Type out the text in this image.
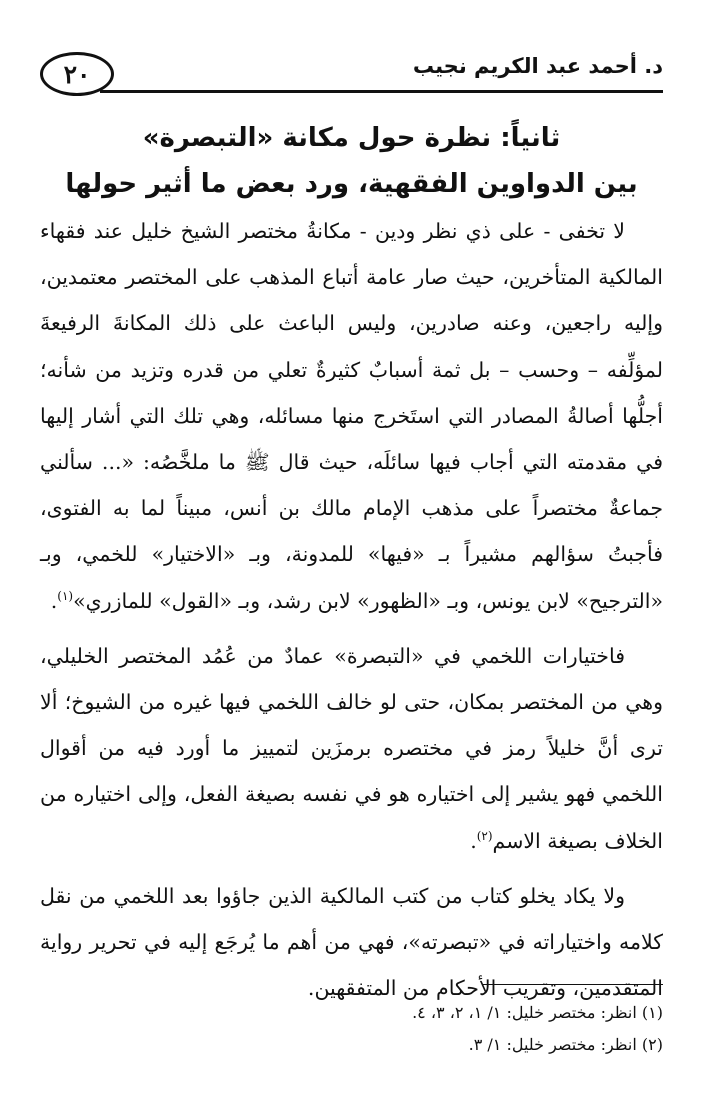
٢٠	د. أحمد عبد الكريم نجيب
ثانياً: نظرة حول مكانة «التبصرة»
بين الدواوين الفقهية، ورد بعض ما أثير حولها

لا تخفى - على ذي نظر ودين - مكانةُ مختصر الشيخ خليل عند فقهاء المالكية المتأخرين، حيث صار عامة أتباع المذهب على المختصر معتمدين، وإليه راجعين، وعنه صادرين، وليس الباعث على ذلك المكانةَ الرفيعةَ لمؤلِّفه – وحسب – بل ثمة أسبابٌ كثيرةٌ تعلي من قدره وتزيد من شأنه؛ أجلُّها أصالةُ المصادر التي استَخرج منها مسائله، وهي تلك التي أشار إليها في مقدمته التي أجاب فيها سائلَه، حيث قال ﷺ ما ملخَّصُه: «... سألني جماعةٌ مختصراً على مذهب الإمام مالك بن أنس، مبيناً لما به الفتوى، فأجبتُ سؤالهم مشيراً بـ «فيها» للمدونة، وبـ «الاختيار» للخمي، وبـ «الترجيح» لابن يونس، وبـ «الظهور» لابن رشد، وبـ «القول» للمازري»$^{(١)}$.

فاختيارات اللخمي في «التبصرة» عمادٌ من عُمُد المختصر الخليلي، وهي من المختصر بمكان، حتى لو خالف اللخمي فيها غيره من الشيوخ؛ ألا ترى أنَّ خليلاً رمز في مختصره برمزَين لتمييز ما أورد فيه من أقوال اللخمي فهو يشير إلى اختياره هو في نفسه بصيغة الفعل، وإلى اختياره من الخلاف بصيغة الاسم$^{(٢)}$.

ولا يكاد يخلو كتاب من كتب المالكية الذين جاؤوا بعد اللخمي من نقل كلامه واختياراته في «تبصرته»، فهي من أهم ما يُرجَع إليه في تحرير رواية المتقدمين، وتقريب الأحكام من المتفقهين.

(١) انظر: مختصر خليل: ١/ ١، ٢، ٣، ٤.
(٢) انظر: مختصر خليل: ١/ ٣.
